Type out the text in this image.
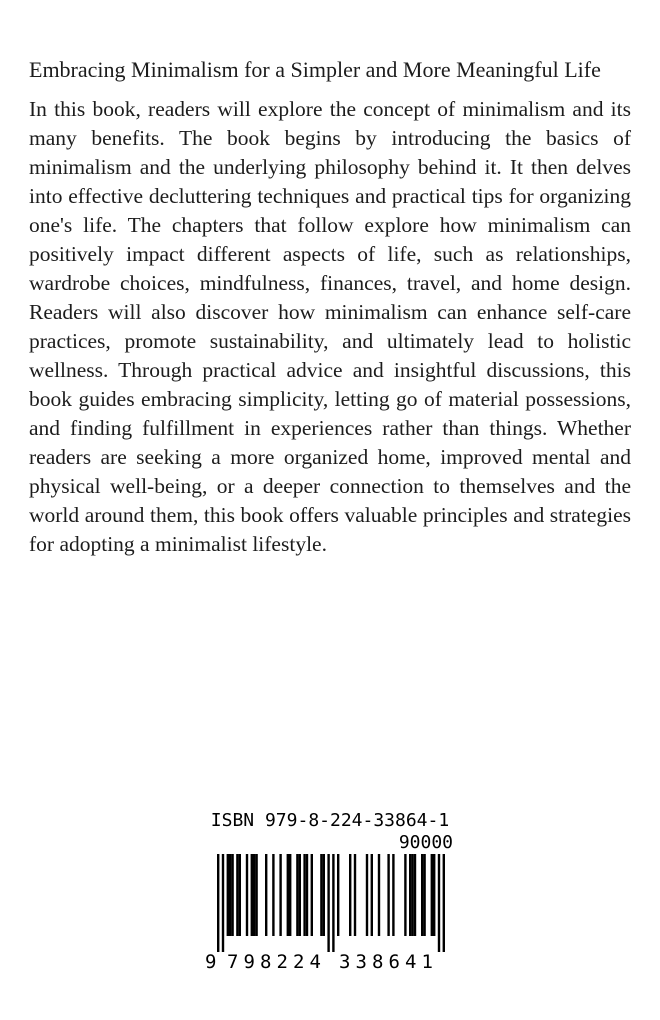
Embracing Minimalism for a Simpler and More Meaningful Life
In this book, readers will explore the concept of minimalism and its many benefits. The book begins by introducing the basics of minimalism and the underlying philosophy behind it. It then delves into effective decluttering techniques and practical tips for organizing one's life. The chapters that follow explore how minimalism can positively impact different aspects of life, such as relationships, wardrobe choices, mindfulness, finances, travel, and home design. Readers will also discover how minimalism can enhance self-care practices, promote sustainability, and ultimately lead to holistic wellness. Through practical advice and insightful discussions, this book guides embracing simplicity, letting go of material possessions, and finding fulfillment in experiences rather than things. Whether readers are seeking a more organized home, improved mental and physical well-being, or a deeper connection to themselves and the world around them, this book offers valuable principles and strategies for adopting a minimalist lifestyle.
ISBN 979-8-224-33864-1
90000
9 798224 338641
